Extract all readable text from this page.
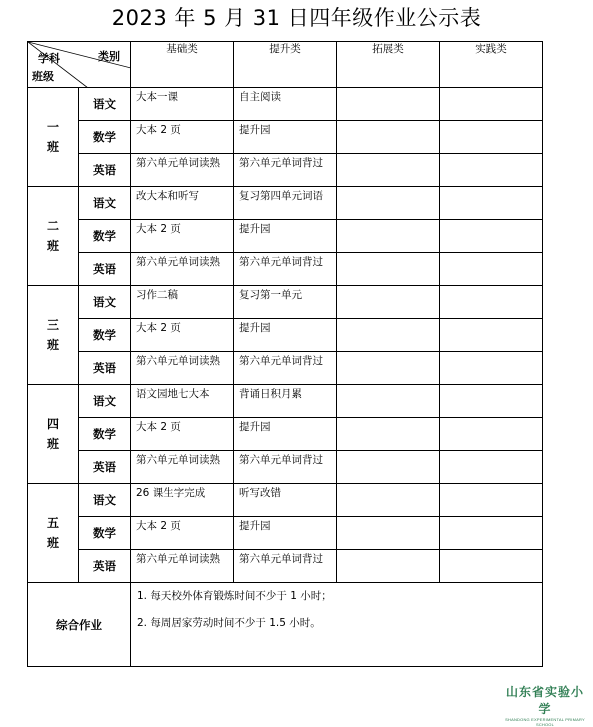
2023 年 5 月 31 日四年级作业公示表
学科 类别
班级		基础类	提升类	拓展类	实践类
一班	语文	大本一课	自主阅读		
	数学	大本 2 页	提升园		
	英语	第六单元单词读熟	第六单元单词背过		
二班	语文	改大本和听写	复习第四单元词语		
	数学	大本 2 页	提升园		
	英语	第六单元单词读熟	第六单元单词背过		
三班	语文	习作二稿	复习第一单元		
	数学	大本 2 页	提升园		
	英语	第六单元单词读熟	第六单元单词背过		
四班	语文	语文园地七大本	背诵日积月累		
	数学	大本 2 页	提升园		
	英语	第六单元单词读熟	第六单元单词背过		
五班	语文	26 课生字完成	听写改错		
	数学	大本 2 页	提升园		
	英语	第六单元单词读熟	第六单元单词背过		
综合作业		1. 每天校外体育锻炼时间不少于 1 小时；
2. 每周居家劳动时间不少于 1.5 小时。			
山东省实验小学
SHANDONG EXPERIMENTAL PRIMARY SCHOOL
